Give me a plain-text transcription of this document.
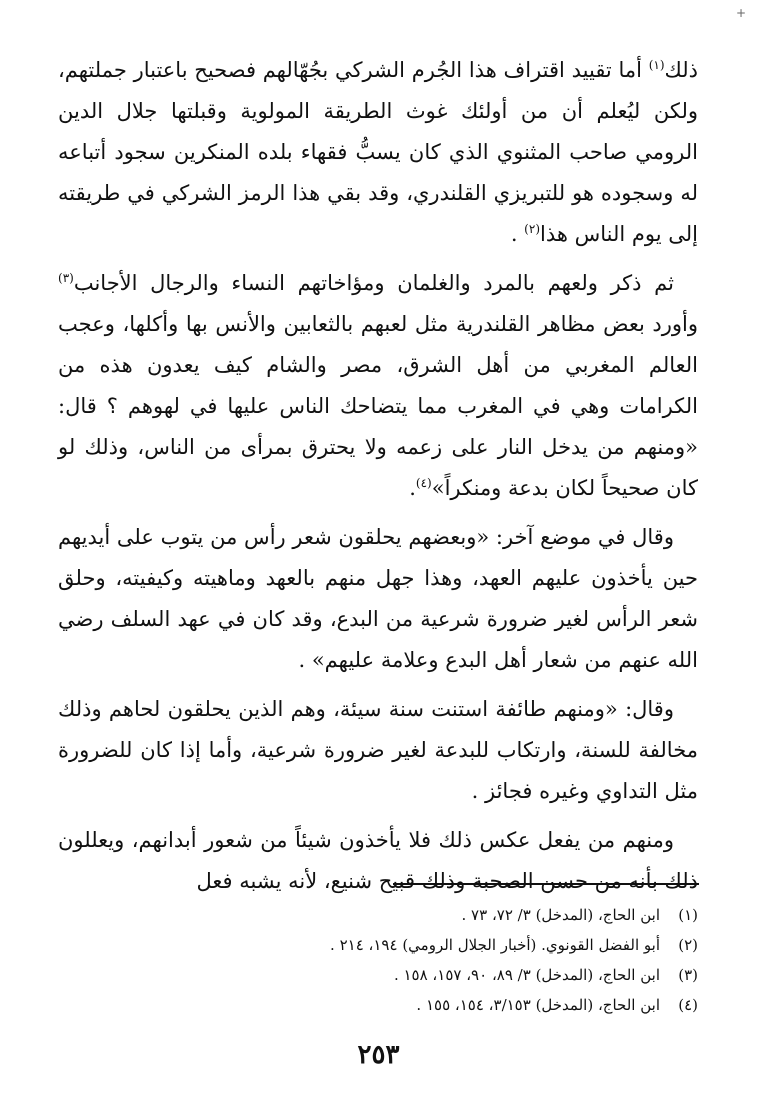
+

ذلك$^{(١)}$ أما تقييد اقتراف هذا الجُرم الشركي بجُهّالهم فصحيح باعتبار جملتهم، ولكن ليُعلم أن من أولئك غوث الطريقة المولوية وقبلتها جلال الدين الرومي صاحب المثنوي الذي كان يسبُّ فقهاء بلده المنكرين سجود أتباعه له وسجوده هو للتبريزي القلندري، وقد بقي هذا الرمز الشركي في طريقته إلى يوم الناس هذا$^{(٢)}$ .

ثم ذكر ولعهم بالمرد والغلمان ومؤاخاتهم النساء والرجال الأجانب$^{(٣)}$ وأورد بعض مظاهر القلندرية مثل لعبهم بالثعابين والأنس بها وأكلها، وعجب العالم المغربي من أهل الشرق، مصر والشام كيف يعدون هذه من الكرامات وهي في المغرب مما يتضاحك الناس عليها في لهوهم ؟ قال: «ومنهم من يدخل النار على زعمه ولا يحترق بمرأى من الناس، وذلك لو كان صحيحاً لكان بدعة ومنكراً»$^{(٤)}$.

وقال في موضع آخر: «وبعضهم يحلقون شعر رأس من يتوب على أيديهم حين يأخذون عليهم العهد، وهذا جهل منهم بالعهد وماهيته وكيفيته، وحلق شعر الرأس لغير ضرورة شرعية من البدع، وقد كان في عهد السلف رضي الله عنهم من شعار أهل البدع وعلامة عليهم» .

وقال: «ومنهم طائفة استنت سنة سيئة، وهم الذين يحلقون لحاهم وذلك مخالفة للسنة، وارتكاب للبدعة لغير ضرورة شرعية، وأما إذا كان للضرورة مثل التداوي وغيره فجائز .

ومنهم من يفعل عكس ذلك فلا يأخذون شيئاً من شعور أبدانهم، ويعللون ذلك بأنه من حسن الصحبة وذلك قبيح شنيع، لأنه يشبه فعل

(١)
ابن الحاج، (المدخل) ٣/ ٧٢، ٧٣ .
(٢)
أبو الفضل القونوي. (أخبار الجلال الرومي) ١٩٤، ٢١٤ .
(٣)
ابن الحاج، (المدخل) ٣/ ٨٩، ٩٠، ١٥٧، ١٥٨ .
(٤)
ابن الحاج، (المدخل) ٣/١٥٣، ١٥٤، ١٥٥ .
٢٥٣
